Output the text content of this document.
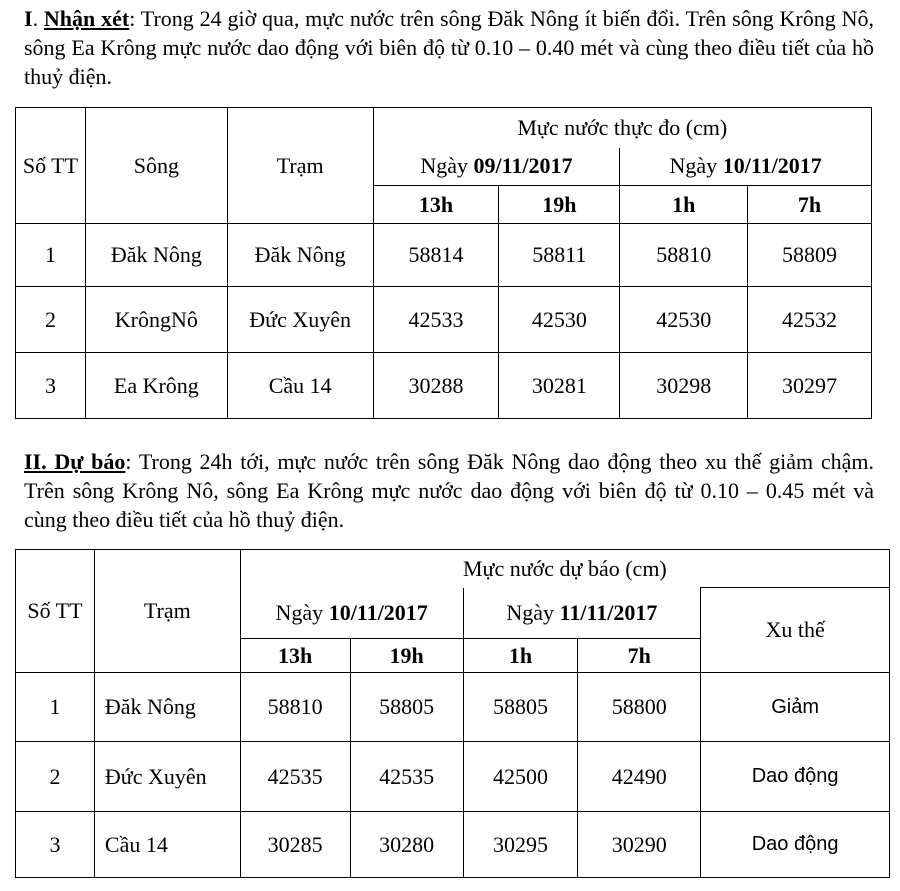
I. Nhận xét: Trong 24 giờ qua, mực nước trên sông Đăk Nông ít biến đổi. Trên sông Krông Nô, sông Ea Krông mực nước dao động với biên độ từ 0.10 – 0.40 mét và cùng theo điều tiết của hồ thuỷ điện.
Số TT	Sông	Trạm	Mực nước thực đo (cm)			
			Ngày 09/11/2017		Ngày 10/11/2017	
			13h	19h	1h	7h
1	Đăk Nông	Đăk Nông	58814	58811	58810	58809
2	KrôngNô	Đức Xuyên	42533	42530	42530	42532
3	Ea Krông	Cầu 14	30288	30281	30298	30297
II. Dự báo: Trong 24h tới, mực nước trên sông Đăk Nông dao động theo xu thế giảm chậm. Trên sông Krông Nô, sông Ea Krông mực nước dao động với biên độ từ 0.10 – 0.45 mét và cùng theo điều tiết của hồ thuỷ điện.
Số TT	Trạm	Mực nước dự báo (cm)				
		Ngày 10/11/2017		Ngày 11/11/2017		Xu thế
		13h	19h	1h	7h	
1	Đăk Nông	58810	58805	58805	58800	Giảm
2	Đức Xuyên	42535	42535	42500	42490	Dao động
3	Cầu 14	30285	30280	30295	30290	Dao động
